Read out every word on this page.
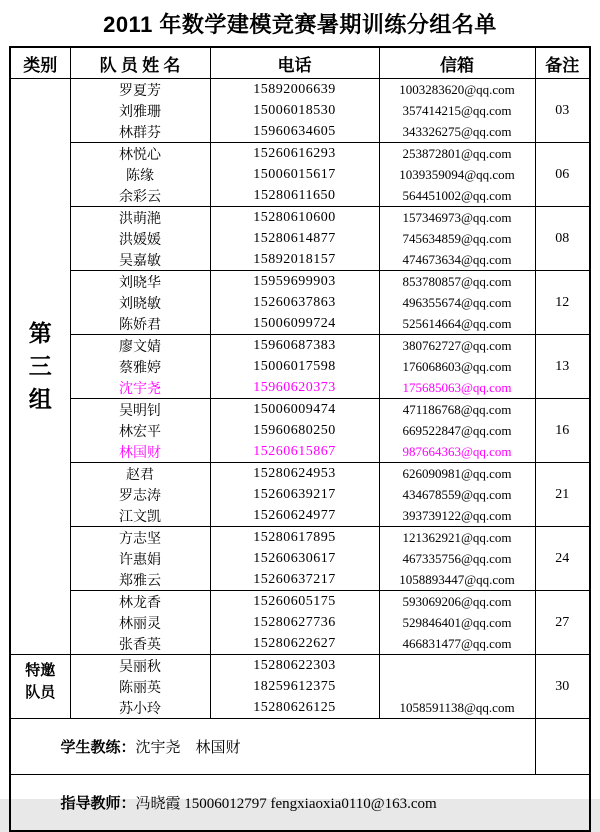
2011 年数学建模竞赛暑期训练分组名单
类别	队 员 姓 名	电话	信箱	备注

第
三
组	罗夏芳	15892006639	1003283620@qq.com	03
	刘雅珊	15006018530	357414215@qq.com	
	林群芬	15960634605	343326275@qq.com	
	林悦心	15260616293	253872801@qq.com	06
	陈缘	15006015617	1039359094@qq.com	
	余彩云	15280611650	564451002@qq.com	
	洪萌滟	15280610600	157346973@qq.com	08
	洪媛媛	15280614877	745634859@qq.com	
	吴嘉敏	15892018157	474673634@qq.com	
	刘晓华	15959699903	853780857@qq.com	12
	刘晓敏	15260637863	496355674@qq.com	
	陈娇君	15006099724	525614664@qq.com	
	廖文婧	15960687383	380762727@qq.com	13
	蔡雅婷	15006017598	176068603@qq.com	
	沈宇尧	15960620373	175685063@qq.com	
	吴明钊	15006009474	471186768@qq.com	16
	林宏平	15960680250	669522847@qq.com	
	林国财	15260615867	987664363@qq.com	
	赵君	15280624953	626090981@qq.com	21
	罗志涛	15260639217	434678559@qq.com	
	江文凯	15260624977	393739122@qq.com	
	方志坚	15280617895	121362921@qq.com	24
	许惠娟	15260630617	467335756@qq.com	
	郑雅云	15260637217	1058893447@qq.com	
	林龙香	15260605175	593069206@qq.com	27
	林丽灵	15280627736	529846401@qq.com	
	张香英	15280622627	466831477@qq.com	

特邀
队员	吴丽秋	15280622303		30
	陈丽英	18259612375		
	苏小玲	15280626125	1058591138@qq.com	

学生教练：沈宇尧　林国财			

指导教师：冯晓霞 15006012797 fengxiaoxia0110@163.com				
